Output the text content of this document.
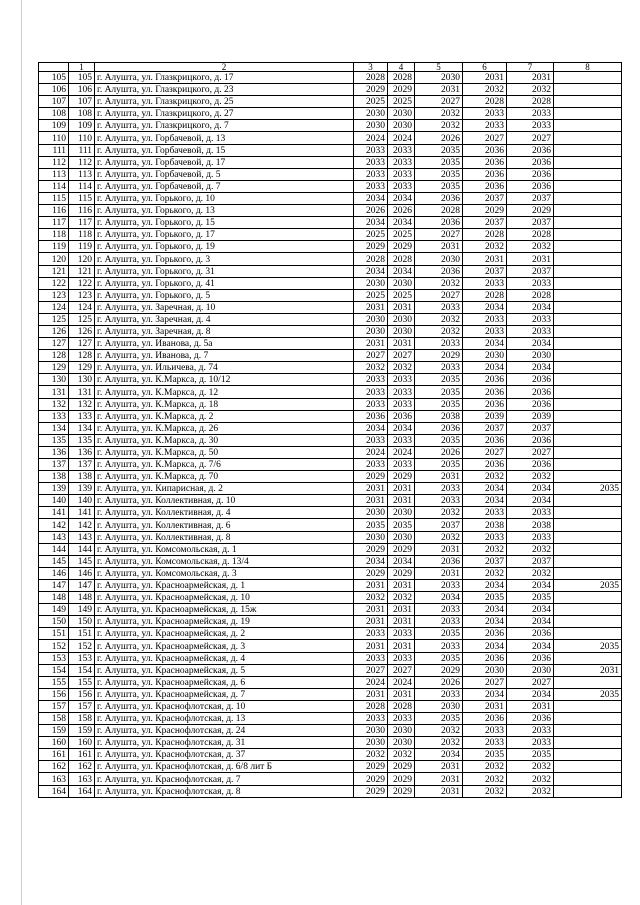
	1	2	3	4	5	6	7	8
105	105	г. Алушта, ул. Глазкрицкого, д. 17	2028	2028	2030	2031	2031	
106	106	г. Алушта, ул. Глазкрицкого, д. 23	2029	2029	2031	2032	2032	
107	107	г. Алушта, ул. Глазкрицкого, д. 25	2025	2025	2027	2028	2028	
108	108	г. Алушта, ул. Глазкрицкого, д. 27	2030	2030	2032	2033	2033	
109	109	г. Алушта, ул. Глазкрицкого, д. 7	2030	2030	2032	2033	2033	
110	110	г. Алушта, ул. Горбачевой, д. 13	2024	2024	2026	2027	2027	
111	111	г. Алушта, ул. Горбачевой, д. 15	2033	2033	2035	2036	2036	
112	112	г. Алушта, ул. Горбачевой, д. 17	2033	2033	2035	2036	2036	
113	113	г. Алушта, ул. Горбачевой, д. 5	2033	2033	2035	2036	2036	
114	114	г. Алушта, ул. Горбачевой, д. 7	2033	2033	2035	2036	2036	
115	115	г. Алушта, ул. Горького, д. 10	2034	2034	2036	2037	2037	
116	116	г. Алушта, ул. Горького, д. 13	2026	2026	2028	2029	2029	
117	117	г. Алушта, ул. Горького, д. 15	2034	2034	2036	2037	2037	
118	118	г. Алушта, ул. Горького, д. 17	2025	2025	2027	2028	2028	
119	119	г. Алушта, ул. Горького, д. 19	2029	2029	2031	2032	2032	
120	120	г. Алушта, ул. Горького, д. 3	2028	2028	2030	2031	2031	
121	121	г. Алушта, ул. Горького, д. 31	2034	2034	2036	2037	2037	
122	122	г. Алушта, ул. Горького, д. 41	2030	2030	2032	2033	2033	
123	123	г. Алушта, ул. Горького, д. 5	2025	2025	2027	2028	2028	
124	124	г. Алушта, ул. Заречная, д. 10	2031	2031	2033	2034	2034	
125	125	г. Алушта, ул. Заречная, д. 4	2030	2030	2032	2033	2033	
126	126	г. Алушта, ул. Заречная, д. 8	2030	2030	2032	2033	2033	
127	127	г. Алушта, ул. Иванова, д. 5а	2031	2031	2033	2034	2034	
128	128	г. Алушта, ул. Иванова, д. 7	2027	2027	2029	2030	2030	
129	129	г. Алушта, ул. Ильичева, д. 74	2032	2032	2033	2034	2034	
130	130	г. Алушта, ул. К.Маркса, д. 10/12	2033	2033	2035	2036	2036	
131	131	г. Алушта, ул. К.Маркса, д. 12	2033	2033	2035	2036	2036	
132	132	г. Алушта, ул. К.Маркса, д. 18	2033	2033	2035	2036	2036	
133	133	г. Алушта, ул. К.Маркса, д. 2	2036	2036	2038	2039	2039	
134	134	г. Алушта, ул. К.Маркса, д. 26	2034	2034	2036	2037	2037	
135	135	г. Алушта, ул. К.Маркса, д. 30	2033	2033	2035	2036	2036	
136	136	г. Алушта, ул. К.Маркса, д. 50	2024	2024	2026	2027	2027	
137	137	г. Алушта, ул. К.Маркса, д. 7/6	2033	2033	2035	2036	2036	
138	138	г. Алушта, ул. К.Маркса, д. 70	2029	2029	2031	2032	2032	
139	139	г. Алушта, ул. Кипарисная, д. 2	2031	2031	2033	2034	2034	2035
140	140	г. Алушта, ул. Коллективная, д. 10	2031	2031	2033	2034	2034	
141	141	г. Алушта, ул. Коллективная, д. 4	2030	2030	2032	2033	2033	
142	142	г. Алушта, ул. Коллективная, д. 6	2035	2035	2037	2038	2038	
143	143	г. Алушта, ул. Коллективная, д. 8	2030	2030	2032	2033	2033	
144	144	г. Алушта, ул. Комсомольская, д. 1	2029	2029	2031	2032	2032	
145	145	г. Алушта, ул. Комсомольская, д. 13/4	2034	2034	2036	2037	2037	
146	146	г. Алушта, ул. Комсомольская, д. 3	2029	2029	2031	2032	2032	
147	147	г. Алушта, ул. Красноармейская, д. 1	2031	2031	2033	2034	2034	2035
148	148	г. Алушта, ул. Красноармейская, д. 10	2032	2032	2034	2035	2035	
149	149	г. Алушта, ул. Красноармейская, д. 15ж	2031	2031	2033	2034	2034	
150	150	г. Алушта, ул. Красноармейская, д. 19	2031	2031	2033	2034	2034	
151	151	г. Алушта, ул. Красноармейская, д. 2	2033	2033	2035	2036	2036	
152	152	г. Алушта, ул. Красноармейская, д. 3	2031	2031	2033	2034	2034	2035
153	153	г. Алушта, ул. Красноармейская, д. 4	2033	2033	2035	2036	2036	
154	154	г. Алушта, ул. Красноармейская, д. 5	2027	2027	2029	2030	2030	2031
155	155	г. Алушта, ул. Красноармейская, д. 6	2024	2024	2026	2027	2027	
156	156	г. Алушта, ул. Красноармейская, д. 7	2031	2031	2033	2034	2034	2035
157	157	г. Алушта, ул. Краснофлотская, д. 10	2028	2028	2030	2031	2031	
158	158	г. Алушта, ул. Краснофлотская, д. 13	2033	2033	2035	2036	2036	
159	159	г. Алушта, ул. Краснофлотская, д. 24	2030	2030	2032	2033	2033	
160	160	г. Алушта, ул. Краснофлотская, д. 31	2030	2030	2032	2033	2033	
161	161	г. Алушта, ул. Краснофлотская, д. 37	2032	2032	2034	2035	2035	
162	162	г. Алушта, ул. Краснофлотская, д. 6/8 лит Б	2029	2029	2031	2032	2032	
163	163	г. Алушта, ул. Краснофлотская, д. 7	2029	2029	2031	2032	2032	
164	164	г. Алушта, ул. Краснофлотская, д. 8	2029	2029	2031	2032	2032	
